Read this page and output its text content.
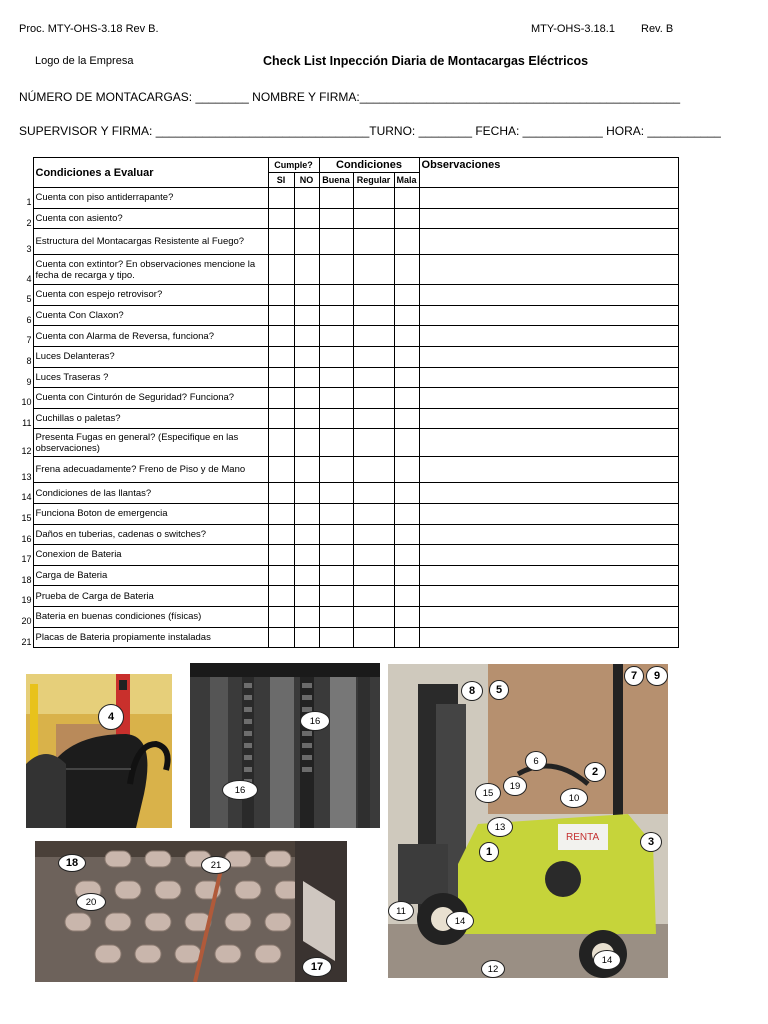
Proc. MTY-OHS-3.18 Rev B.	MTY-OHS-3.18.1 Rev. B
Logo de la Empresa	Check List Inpección Diaria de Montacargas Eléctricos
NÚMERO DE MONTACARGAS: ________ NOMBRE Y FIRMA:________________________________________________
SUPERVISOR Y FIRMA: ________________________________TURNO: ________ FECHA: ____________ HORA: ___________
	Condiciones a Evaluar	Cumple?		Condiciones			Observaciones
		SI	NO	Buena	Regular	Mala	
1	Cuenta con piso antiderrapante?						
2	Cuenta con asiento?						
3	Estructura del Montacargas Resistente al Fuego?						
4	Cuenta con extintor? En observaciones mencione la fecha de recarga y tipo.						
5	Cuenta con espejo retrovisor?						
6	Cuenta Con Claxon?						
7	Cuenta con Alarma de Reversa, funciona?						
8	Luces Delanteras?						
9	Luces Traseras ?						
10	Cuenta con Cinturón de Seguridad? Funciona?						
11	Cuchillas o paletas?						
12	Presenta Fugas en general? (Especifique en las observaciones)						
13	Frena adecuadamente? Freno de Piso y de Mano						
14	Condiciones de las llantas?						
15	Funciona Boton de emergencia						
16	Daños en tuberias, cadenas o switches?						
17	Conexion de Bateria						
18	Carga de Bateria						
19	Prueba de Carga de Bateria						
20	Bateria en buenas condiciones (físicas)						
21	Placas de Bateria propiamente instaladas						
4	16
16
18	21
20
17
RENTA
8	5
7	9
6
2
15
19
10
13
3
1
11
14
14
12
